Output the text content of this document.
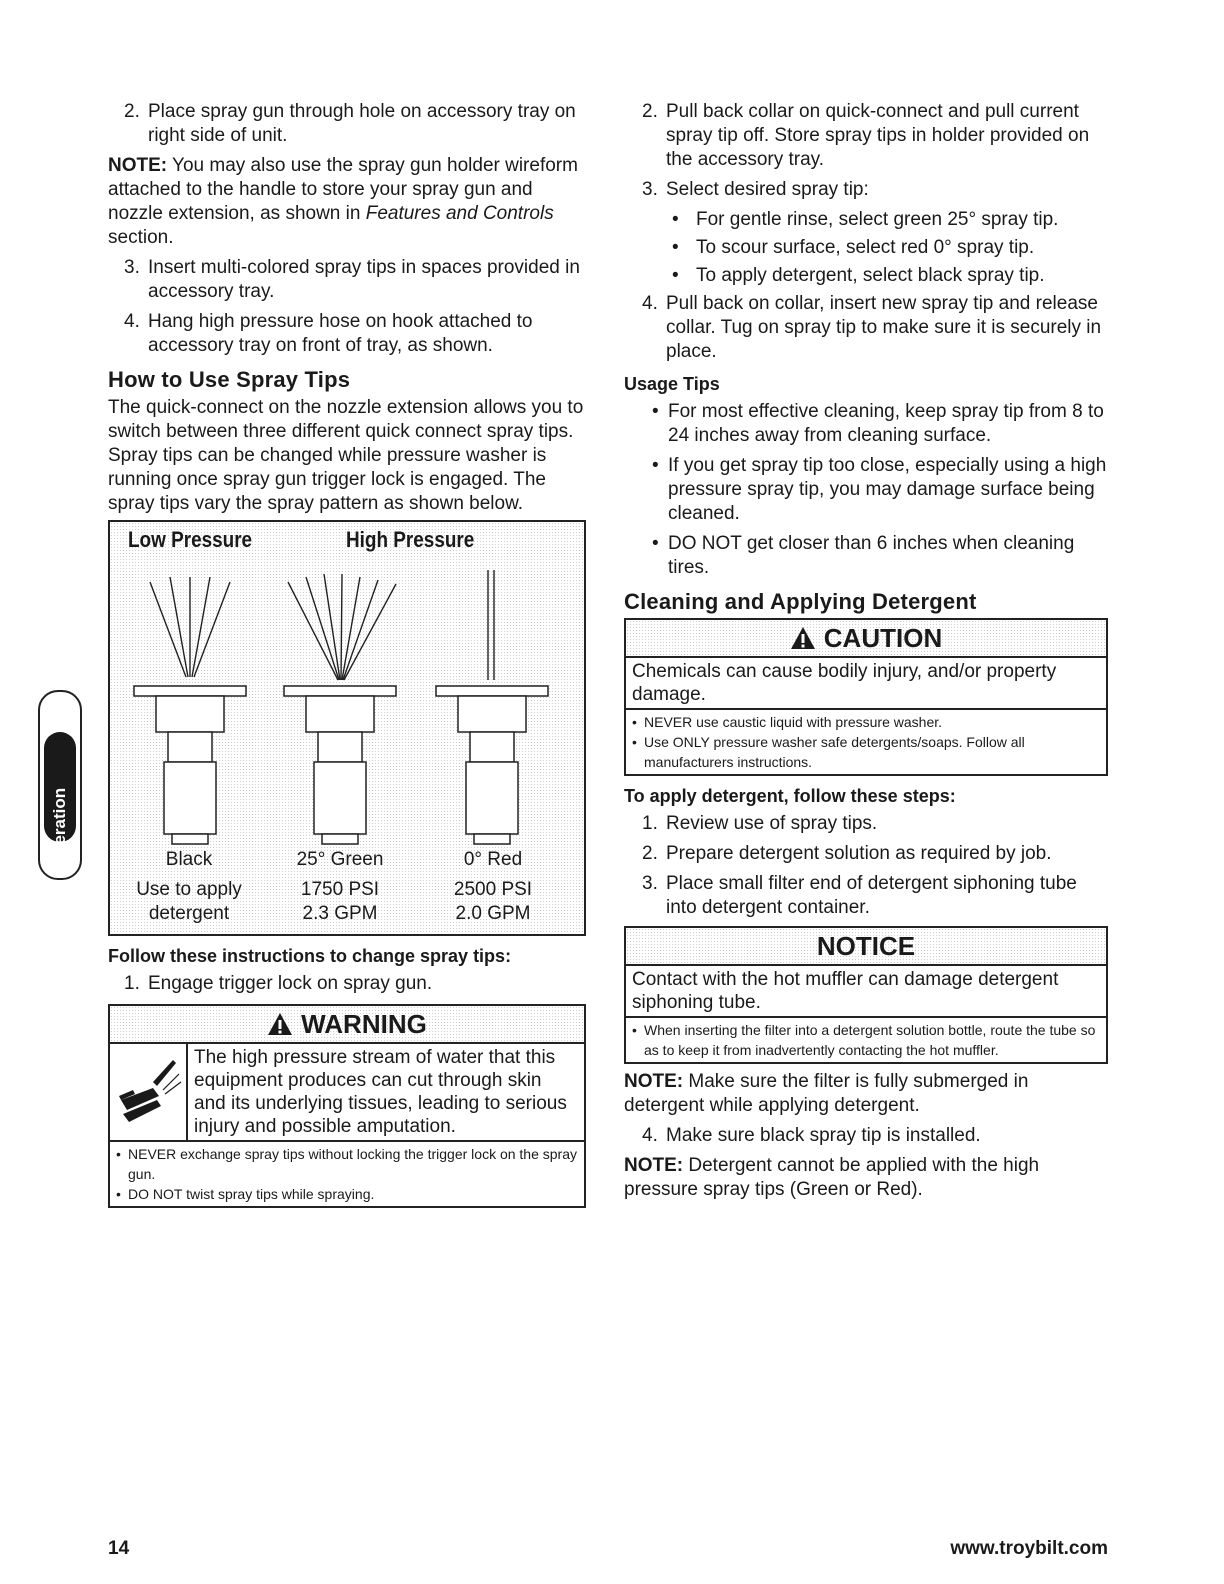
Operation
2. Place spray gun through hole on accessory tray on right side of unit.

NOTE: You may also use the spray gun holder wireform attached to the handle to store your spray gun and nozzle extension, as shown in Features and Controls section.

3. Insert multi-colored spray tips in spaces provided in accessory tray.
4. Hang high pressure hose on hook attached to accessory tray on front of tray, as shown.
How to Use Spray Tips

The quick-connect on the nozzle extension allows you to switch between three different quick connect spray tips. Spray tips can be changed while pressure washer is running once spray gun trigger lock is engaged. The spray tips vary the spray pattern as shown below.

Low Pressure	High Pressure
Black
Use to apply
detergent
25° Green
1750 PSI
2.3 GPM
0° Red
2500 PSI
2.0 GPM
Follow these instructions to change spray tips:
1. Engage trigger lock on spray gun.
WARNING
The high pressure stream of water that this equipment produces can cut through skin and its underlying tissues, leading to serious injury and possible amputation.
• NEVER exchange spray tips without locking the trigger lock on the spray gun.
• DO NOT twist spray tips while spraying.
2. Pull back collar on quick-connect and pull current spray tip off. Store spray tips in holder provided on the accessory tray.
3. Select desired spray tip:
• For gentle rinse, select green 25° spray tip.
• To scour surface, select red 0° spray tip.
• To apply detergent, select black spray tip.
4. Pull back on collar, insert new spray tip and release collar. Tug on spray tip to make sure it is securely in place.
Usage Tips
• For most effective cleaning, keep spray tip from 8 to 24 inches away from cleaning surface.
• If you get spray tip too close, especially using a high pressure spray tip, you may damage surface being cleaned.
• DO NOT get closer than 6 inches when cleaning tires.
Cleaning and Applying Detergent
CAUTION
Chemicals can cause bodily injury, and/or property damage.
• NEVER use caustic liquid with pressure washer.
• Use ONLY pressure washer safe detergents/soaps. Follow all manufacturers instructions.
To apply detergent, follow these steps:
1. Review use of spray tips.
2. Prepare detergent solution as required by job.
3. Place small filter end of detergent siphoning tube into detergent container.
NOTICE
Contact with the hot muffler can damage detergent siphoning tube.
• When inserting the filter into a detergent solution bottle, route the tube so as to keep it from inadvertently contacting the hot muffler.

NOTE: Make sure the filter is fully submerged in detergent while applying detergent.

4. Make sure black spray tip is installed.

NOTE: Detergent cannot be applied with the high pressure spray tips (Green or Red).

14	www.troybilt.com
